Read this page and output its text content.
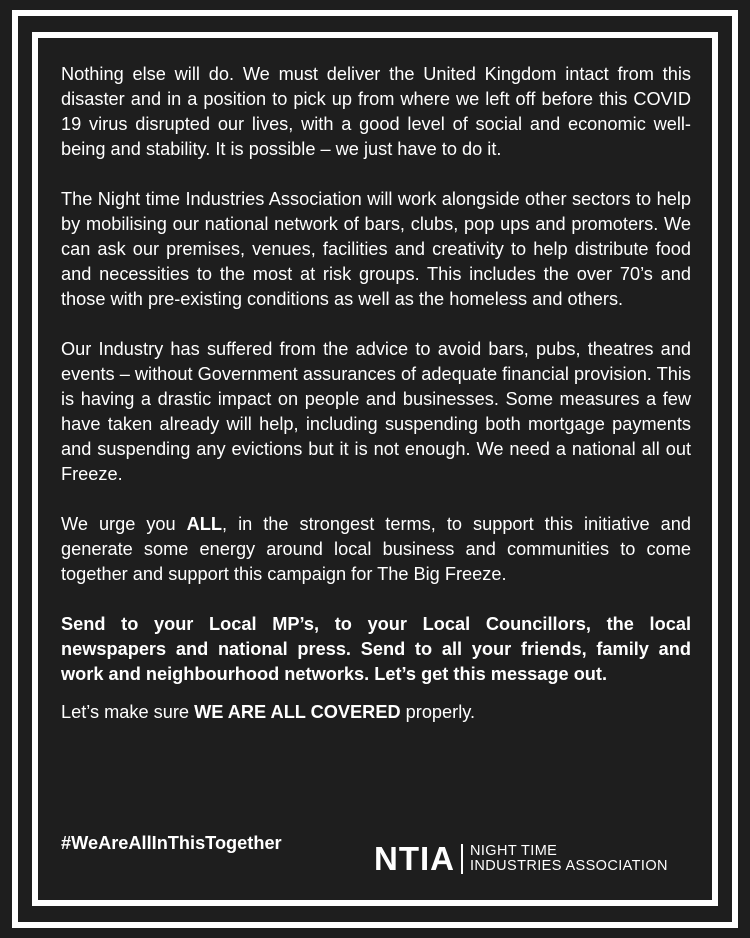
Nothing else will do. We must deliver the United Kingdom intact from this disaster and in a position to pick up from where we left off before this COVID 19 virus disrupted our lives, with a good level of social and economic well-being and stability. It is possible – we just have to do it.

The Night time Industries Association will work alongside other sectors to help by mobilising our national network of bars, clubs, pop ups and promoters. We can ask our premises, venues, facilities and creativity to help distribute food and necessities to the most at risk groups. This includes the over 70’s and those with pre-existing conditions as well as the homeless and others.

Our Industry has suffered from the advice to avoid bars, pubs, theatres and events – without Government assurances of adequate financial provision. This is having a drastic impact on people and businesses. Some measures a few have taken already will help, including suspending both mortgage payments and suspending any evictions but it is not enough. We need a national all out Freeze.

We urge you ALL, in the strongest terms, to support this initiative and generate some energy around local business and communities to come together and support this campaign for The Big Freeze.

Send to your Local MP’s, to your Local Councillors, the local newspapers and national press. Send to all your friends, family and work and neighbourhood networks. Let’s get this message out.

Let’s make sure WE ARE ALL COVERED properly.

#WeAreAllInThisTogether	NTIA NIGHT TIME
INDUSTRIES ASSOCIATION
